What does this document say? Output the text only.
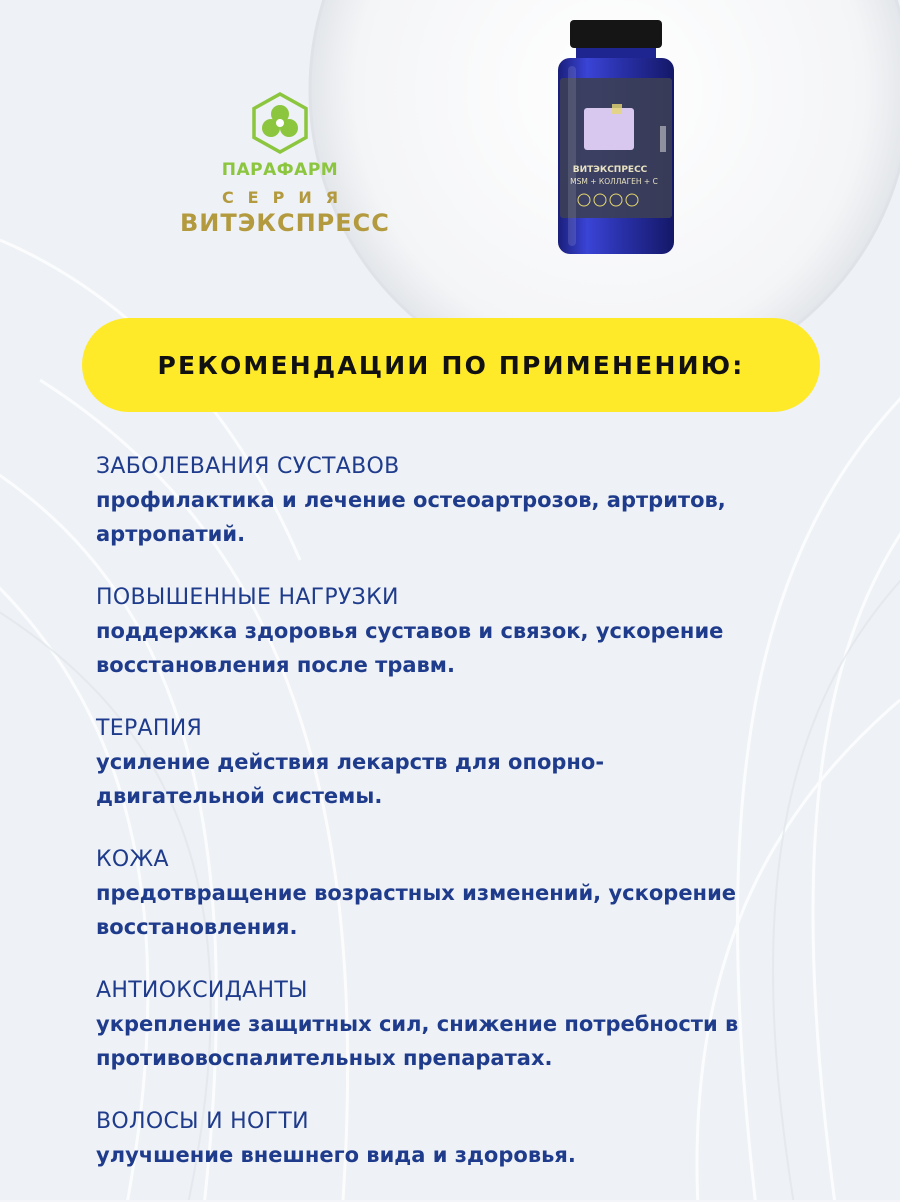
ПАРАФАРМ
СЕРИЯ
ВИТЭКСПРЕСС
ВИТЭКСПРЕСС
MSM + КОЛЛАГЕН + С
РЕКОМЕНДАЦИИ ПО ПРИМЕНЕНИЮ:
ЗАБОЛЕВАНИЯ СУСТАВОВ
профилактика и лечение остеоартрозов, артритов,
артропатий.
ПОВЫШЕННЫЕ НАГРУЗКИ
поддержка здоровья суставов и связок, ускорение
восстановления после травм.
ТЕРАПИЯ
усиление действия лекарств для опорно-
двигательной системы.
КОЖА
предотвращение возрастных изменений, ускорение
восстановления.
АНТИОКСИДАНТЫ
укрепление защитных сил, снижение потребности в
противовоспалительных препаратах.
ВОЛОСЫ И НОГТИ
улучшение внешнего вида и здоровья.
